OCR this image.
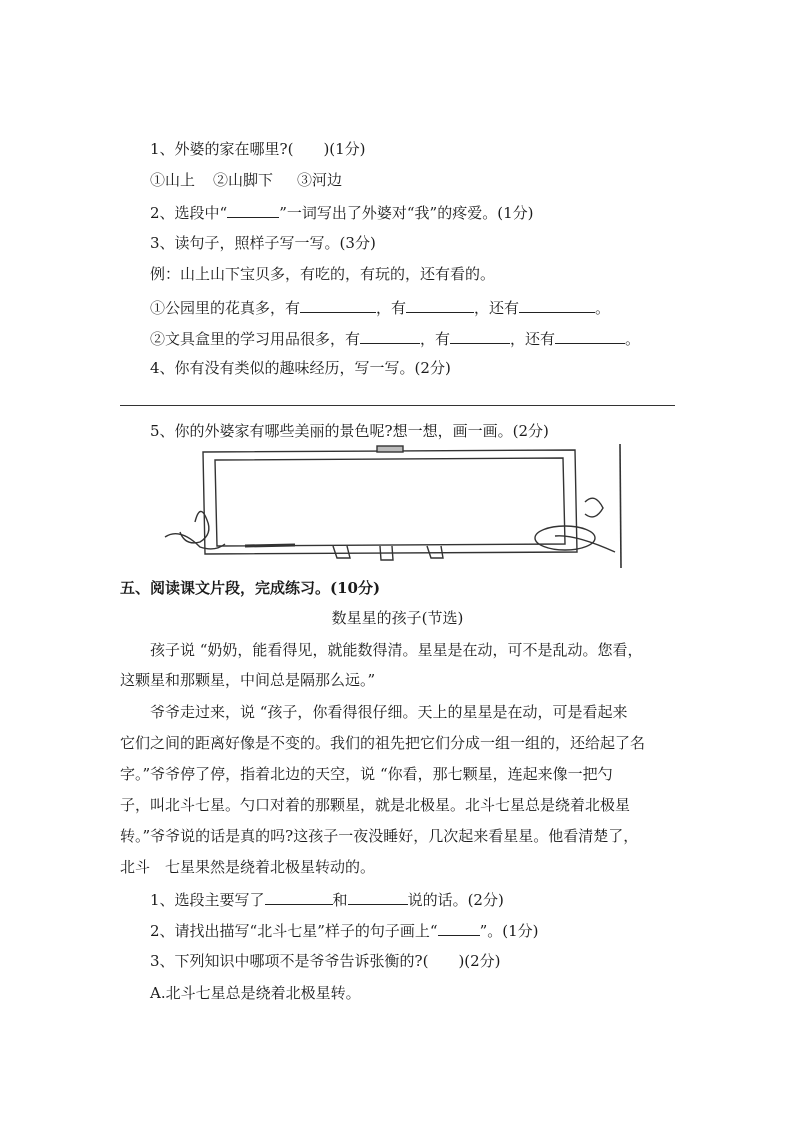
1、外婆的家在哪里?(　　)(1分)
①山上 ②山脚下 ③河边
2、选段中“	”一词写出了外婆对“我”的疼爱。(1分)
3、读句子，照样子写一写。(3分)
例：山上山下宝贝多，有吃的，有玩的，还有看的。
①公园里的花真多，有	，有	，还有	。
②文具盒里的学习用品很多，有	，有	，还有	。
4、你有没有类似的趣味经历，写一写。(2分)
5、你的外婆家有哪些美丽的景色呢?想一想，画一画。(2分)
五、阅读课文片段，完成练习。(10分)
数星星的孩子(节选)
孩子说 “奶奶，能看得见，就能数得清。星星是在动，可不是乱动。您看，
这颗星和那颗星，中间总是隔那么远。”
爷爷走过来，说 “孩子，你看得很仔细。天上的星星是在动，可是看起来
它们之间的距离好像是不变的。我们的祖先把它们分成一组一组的，还给起了名
字。”爷爷停了停，指着北边的天空，说 “你看，那七颗星，连起来像一把勺
子，叫北斗七星。勺口对着的那颗星，就是北极星。北斗七星总是绕着北极星
转。”爷爷说的话是真的吗?这孩子一夜没睡好，几次起来看星星。他看清楚了，
北斗　七星果然是绕着北极星转动的。
1、选段主要写了	和	说的话。(2分)
2、请找出描写“北斗七星”样子的句子画上“	”。(1分)
3、下列知识中哪项不是爷爷告诉张衡的?(　　)(2分)
A.北斗七星总是绕着北极星转。
